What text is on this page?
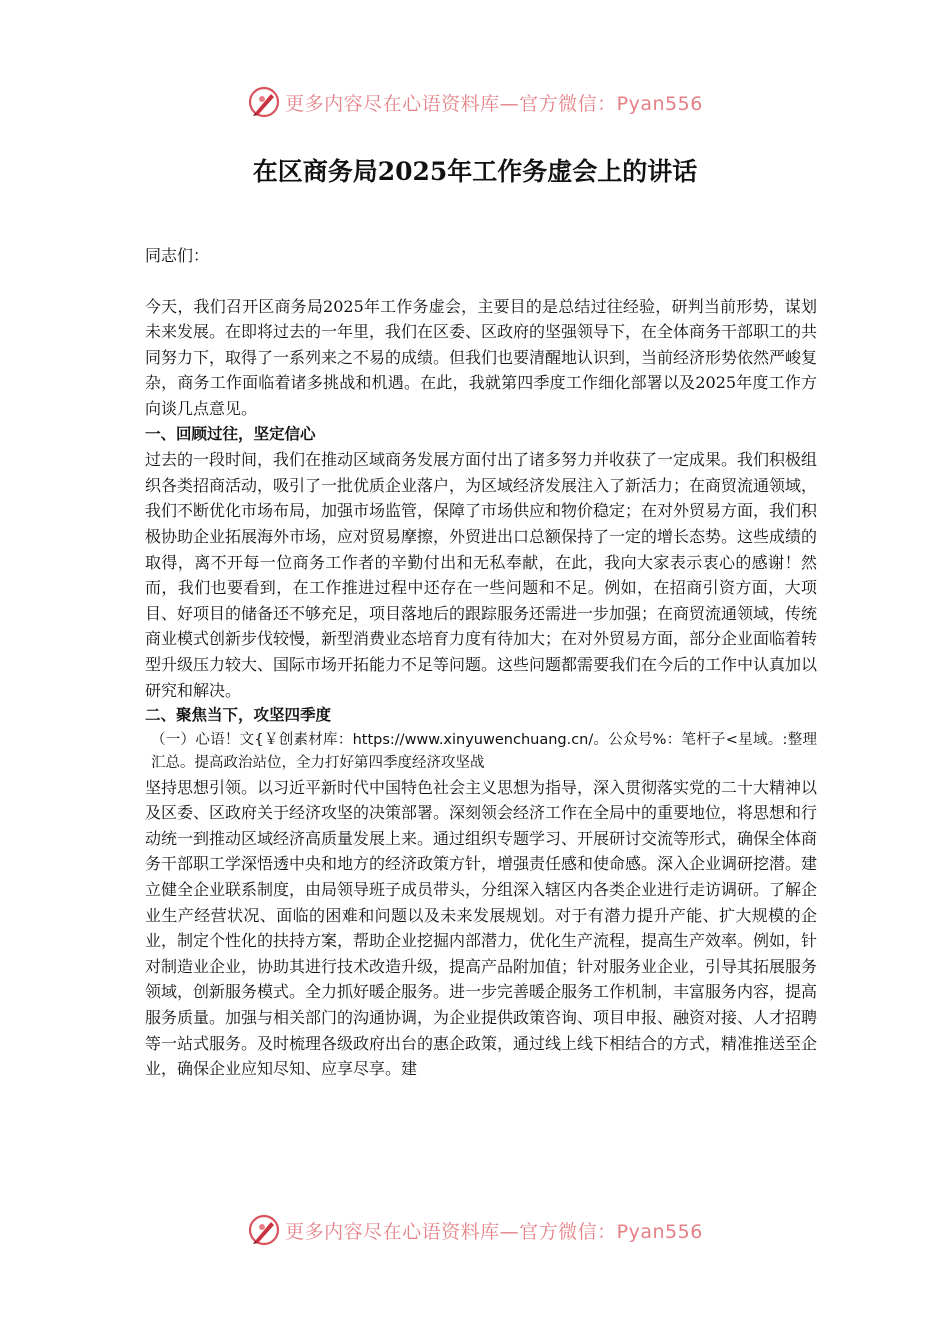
更多内容尽在心语资料库—官方微信：Pyan556
在区商务局2025年工作务虚会上的讲话

同志们：

今天，我们召开区商务局2025年工作务虚会，主要目的是总结过往经验，研判当前形势，谋划未来发展。在即将过去的一年里，我们在区委、区政府的坚强领导下，在全体商务干部职工的共同努力下，取得了一系列来之不易的成绩。但我们也要清醒地认识到，当前经济形势依然严峻复杂，商务工作面临着诸多挑战和机遇。在此，我就第四季度工作细化部署以及2025年度工作方向谈几点意见。

一、回顾过往，坚定信心

过去的一段时间，我们在推动区域商务发展方面付出了诸多努力并收获了一定成果。我们积极组织各类招商活动，吸引了一批优质企业落户，为区域经济发展注入了新活力；在商贸流通领域，我们不断优化市场布局，加强市场监管，保障了市场供应和物价稳定；在对外贸易方面，我们积极协助企业拓展海外市场，应对贸易摩擦，外贸进出口总额保持了一定的增长态势。这些成绩的取得，离不开每一位商务工作者的辛勤付出和无私奉献，在此，我向大家表示衷心的感谢！然而，我们也要看到，在工作推进过程中还存在一些问题和不足。例如，在招商引资方面，大项目、好项目的储备还不够充足，项目落地后的跟踪服务还需进一步加强；在商贸流通领域，传统商业模式创新步伐较慢，新型消费业态培育力度有待加大；在对外贸易方面，部分企业面临着转型升级压力较大、国际市场开拓能力不足等问题。这些问题都需要我们在今后的工作中认真加以研究和解决。

二、聚焦当下，攻坚四季度

（一）心语！文{￥创素材库：https://www.xinyuwenchuang.cn/。公众号%：笔杆子<星域。:整理汇总。提高政治站位，全力打好第四季度经济攻坚战

坚持思想引领。以习近平新时代中国特色社会主义思想为指导，深入贯彻落实党的二十大精神以及区委、区政府关于经济攻坚的决策部署。深刻领会经济工作在全局中的重要地位，将思想和行动统一到推动区域经济高质量发展上来。通过组织专题学习、开展研讨交流等形式，确保全体商务干部职工学深悟透中央和地方的经济政策方针，增强责任感和使命感。深入企业调研挖潜。建立健全企业联系制度，由局领导班子成员带头，分组深入辖区内各类企业进行走访调研。了解企业生产经营状况、面临的困难和问题以及未来发展规划。对于有潜力提升产能、扩大规模的企业，制定个性化的扶持方案，帮助企业挖掘内部潜力，优化生产流程，提高生产效率。例如，针对制造业企业，协助其进行技术改造升级，提高产品附加值；针对服务业企业，引导其拓展服务领域，创新服务模式。全力抓好暖企服务。进一步完善暖企服务工作机制，丰富服务内容，提高服务质量。加强与相关部门的沟通协调，为企业提供政策咨询、项目申报、融资对接、人才招聘等一站式服务。及时梳理各级政府出台的惠企政策，通过线上线下相结合的方式，精准推送至企业，确保企业应知尽知、应享尽享。建

更多内容尽在心语资料库—官方微信：Pyan556
